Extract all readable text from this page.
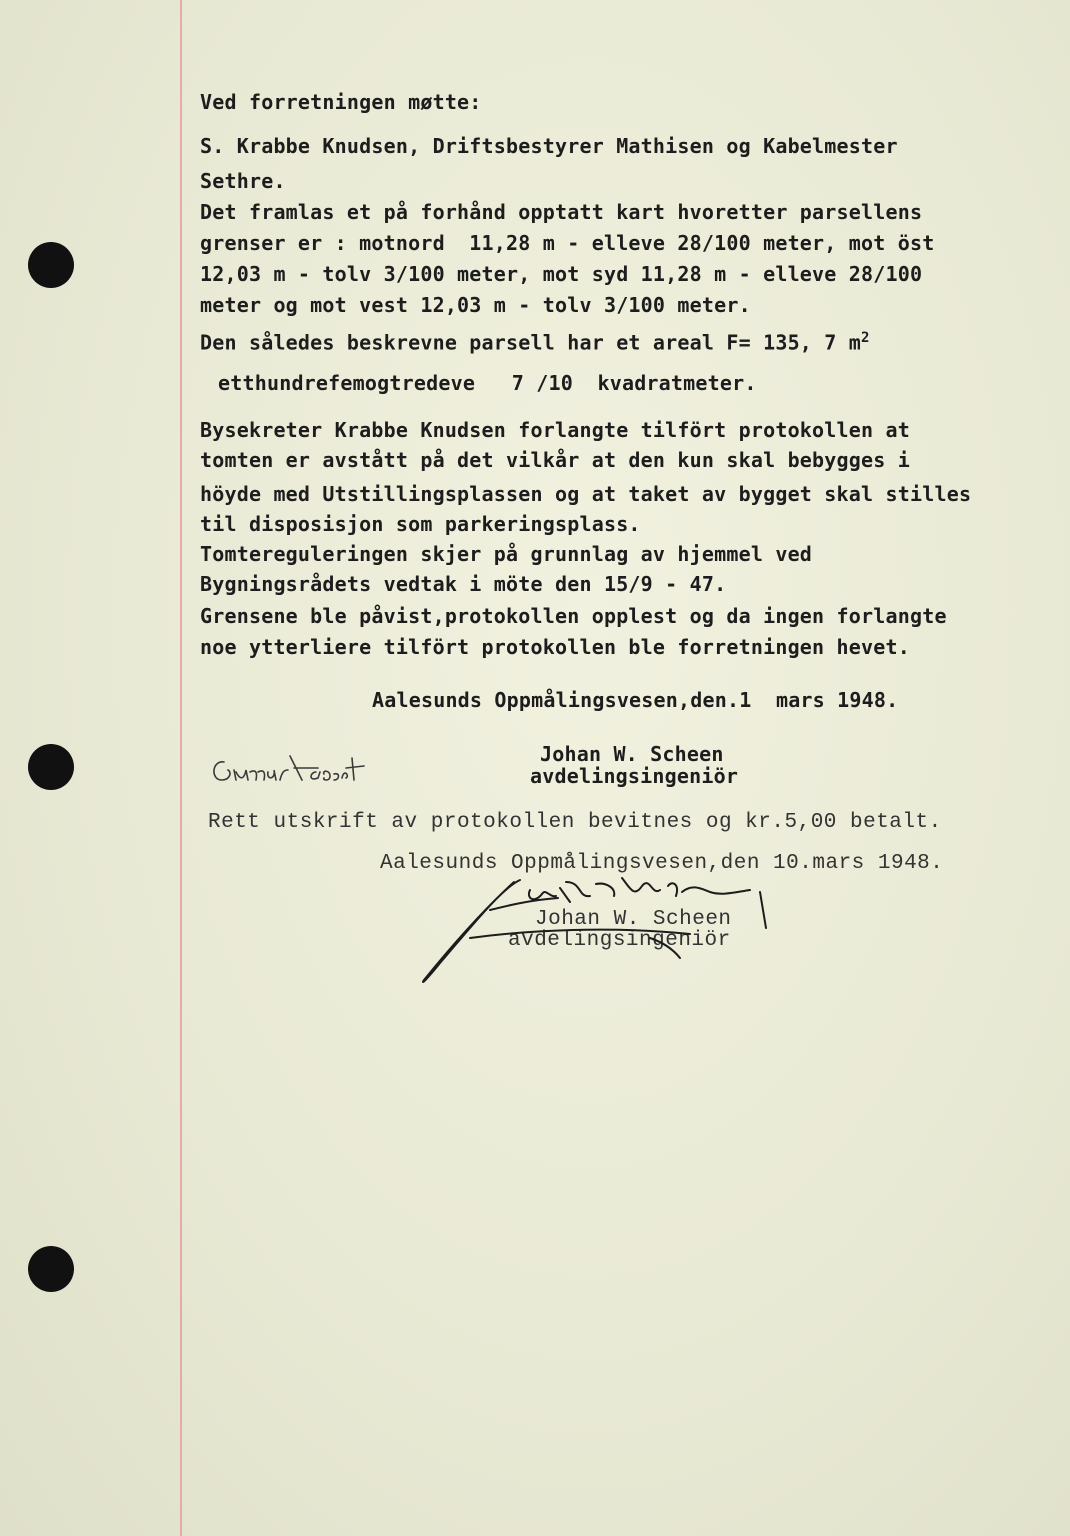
Ved forretningen møtte:
S. Krabbe Knudsen, Driftsbestyrer Mathisen og Kabelmester
Sethre.
Det framlas et på forhånd opptatt kart hvoretter parsellens
grenser er : motnord  11,28 m - elleve 28/100 meter, mot öst
12,03 m - tolv 3/100 meter, mot syd 11,28 m - elleve 28/100
meter og mot vest 12,03 m - tolv 3/100 meter.
Den således beskrevne parsell har et areal F= 135, 7 $m^2$
etthundrefemogtredeve   7 /10  kvadratmeter.
Bysekreter Krabbe Knudsen forlangte tilfört protokollen at
tomten er avstått på det vilkår at den kun skal bebygges i
höyde med Utstillingsplassen og at taket av bygget skal stilles
til disposisjon som parkeringsplass.
Tomtereguleringen skjer på grunnlag av hjemmel ved
Bygningsrådets vedtak i möte den 15/9 - 47.
Grensene ble påvist,protokollen opplest og da ingen forlangte
noe ytterliere tilfört protokollen ble forretningen hevet.
Aalesunds Oppmålingsvesen,den.1  mars 1948.
Johan W. Scheen
avdelingsingeniör
Rett utskrift av protokollen bevitnes og kr.5,00 betalt.
Aalesunds Oppmålingsvesen,den 10.mars 1948.
Johan W. Scheen
avdelingsingeniör
